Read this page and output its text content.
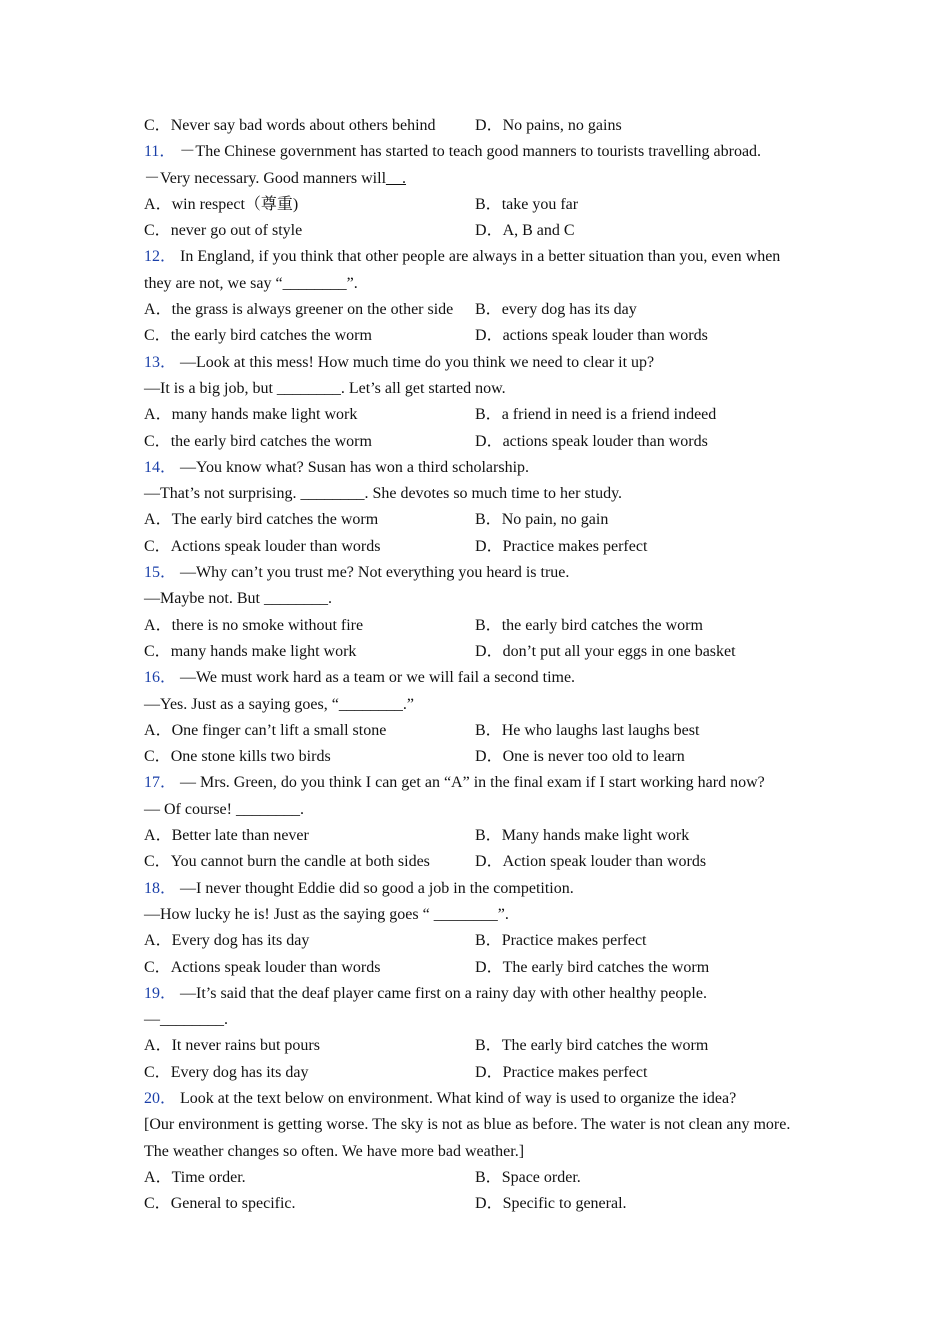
C．Never say bad words about others behind D．No pains, no gains
11． －The Chinese government has started to teach good manners to tourists travelling abroad.
－Very necessary. Good manners will__.
A．win respect（尊重)	B．take you far
C．never go out of style	D．A, B and C
12． In England, if you think that other people are always in a better situation than you, even when they are not, we say “________”.
A．the grass is always greener on the other side B．every dog has its day
C．the early bird catches the worm	D．actions speak louder than words
13． —Look at this mess! How much time do you think we need to clear it up?
—It is a big job, but ________. Let’s all get started now.
A．many hands make light work	B．a friend in need is a friend indeed
C．the early bird catches the worm	D．actions speak louder than words
14． —You know what? Susan has won a third scholarship.
—That’s not surprising. ________. She devotes so much time to her study.
A．The early bird catches the worm	B．No pain, no gain
C．Actions speak louder than words	D．Practice makes perfect
15． —Why can’t you trust me? Not everything you heard is true.
—Maybe not. But ________.
A．there is no smoke without fire	B．the early bird catches the worm
C．many hands make light work	D．don’t put all your eggs in one basket
16． —We must work hard as a team or we will fail a second time.
—Yes. Just as a saying goes, “________.”
A．One finger can’t lift a small stone	B．He who laughs last laughs best
C．One stone kills two birds	D．One is never too old to learn
17． — Mrs. Green, do you think I can get an “A” in the final exam if I start working hard now?
— Of course! ________.
A．Better late than never	B．Many hands make light work
C．You cannot burn the candle at both sides	D．Action speak louder than words
18． —I never thought Eddie did so good a job in the competition.
—How lucky he is! Just as the saying goes “ ________”.
A．Every dog has its day	B．Practice makes perfect
C．Actions speak louder than words	D．The early bird catches the worm
19． —It’s said that the deaf player came first on a rainy day with other healthy people.
—________.
A．It never rains but pours	B．The early bird catches the worm
C．Every dog has its day	D．Practice makes perfect
20． Look at the text below on environment. What kind of way is used to organize the idea?
[Our environment is getting worse. The sky is not as blue as before. The water is not clean any more. The weather changes so often. We have more bad weather.]
A．Time order.	B．Space order.
C．General to specific.	D．Specific to general.
